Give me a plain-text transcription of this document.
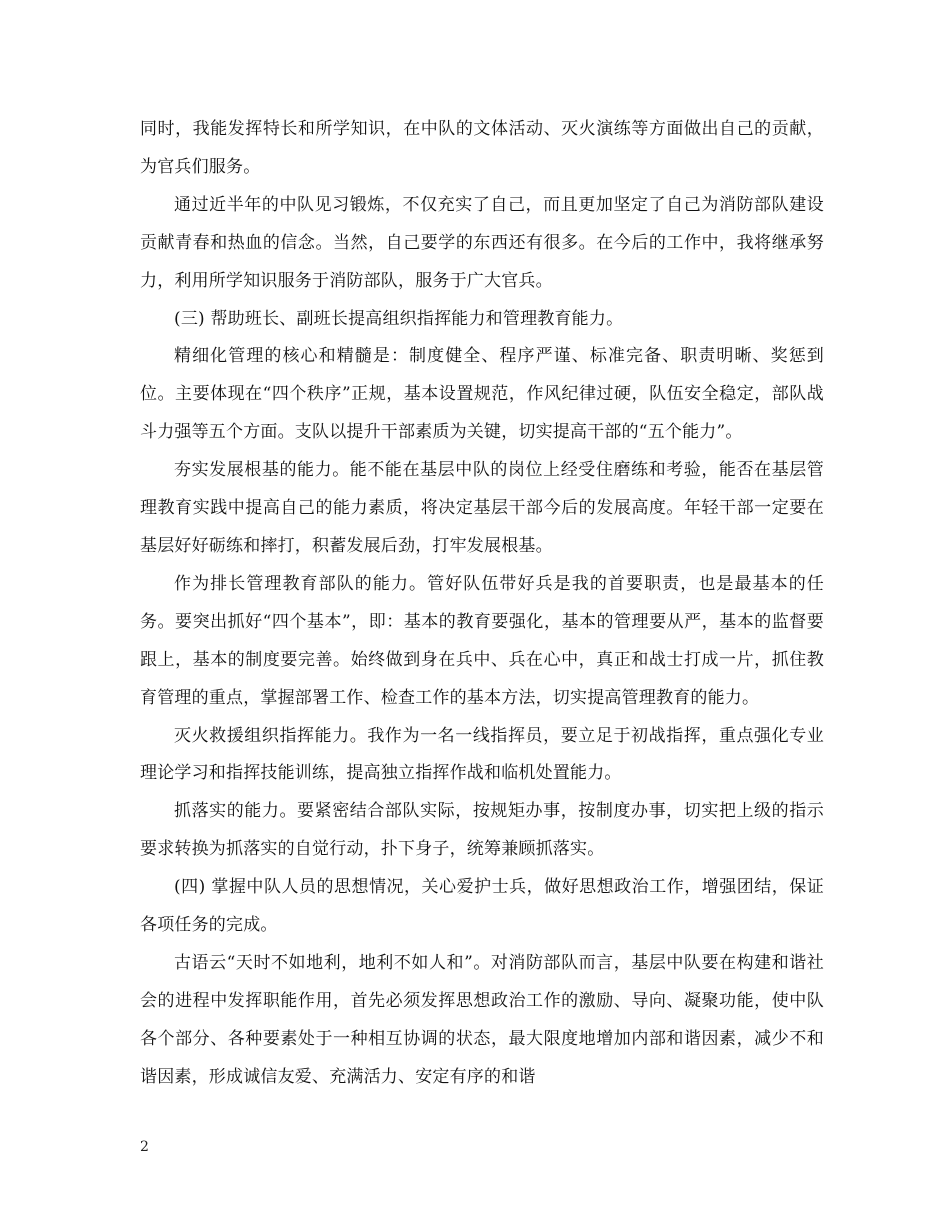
同时，我能发挥特长和所学知识，在中队的文体活动、灭火演练等方面做出自己的贡献，为官兵们服务。

通过近半年的中队见习锻炼，不仅充实了自己，而且更加坚定了自己为消防部队建设贡献青春和热血的信念。当然，自己要学的东西还有很多。在今后的工作中，我将继承努力，利用所学知识服务于消防部队，服务于广大官兵。

(三) 帮助班长、副班长提高组织指挥能力和管理教育能力。

精细化管理的核心和精髓是：制度健全、程序严谨、标准完备、职责明晰、奖惩到位。主要体现在“四个秩序”正规，基本设置规范，作风纪律过硬，队伍安全稳定，部队战斗力强等五个方面。支队以提升干部素质为关键，切实提高干部的“五个能力”。

夯实发展根基的能力。能不能在基层中队的岗位上经受住磨练和考验，能否在基层管理教育实践中提高自己的能力素质，将决定基层干部今后的发展高度。年轻干部一定要在基层好好砺练和摔打，积蓄发展后劲，打牢发展根基。

作为排长管理教育部队的能力。管好队伍带好兵是我的首要职责，也是最基本的任务。要突出抓好“四个基本”，即：基本的教育要强化，基本的管理要从严，基本的监督要跟上，基本的制度要完善。始终做到身在兵中、兵在心中，真正和战士打成一片，抓住教育管理的重点，掌握部署工作、检查工作的基本方法，切实提高管理教育的能力。

灭火救援组织指挥能力。我作为一名一线指挥员，要立足于初战指挥，重点强化专业理论学习和指挥技能训练，提高独立指挥作战和临机处置能力。

抓落实的能力。要紧密结合部队实际，按规矩办事，按制度办事，切实把上级的指示要求转换为抓落实的自觉行动，扑下身子，统筹兼顾抓落实。

(四) 掌握中队人员的思想情况，关心爱护士兵，做好思想政治工作，增强团结，保证各项任务的完成。

古语云“天时不如地利，地利不如人和”。对消防部队而言，基层中队要在构建和谐社会的进程中发挥职能作用，首先必须发挥思想政治工作的激励、导向、凝聚功能，使中队各个部分、各种要素处于一种相互协调的状态，最大限度地增加内部和谐因素，减少不和谐因素，形成诚信友爱、充满活力、安定有序的和谐

2
